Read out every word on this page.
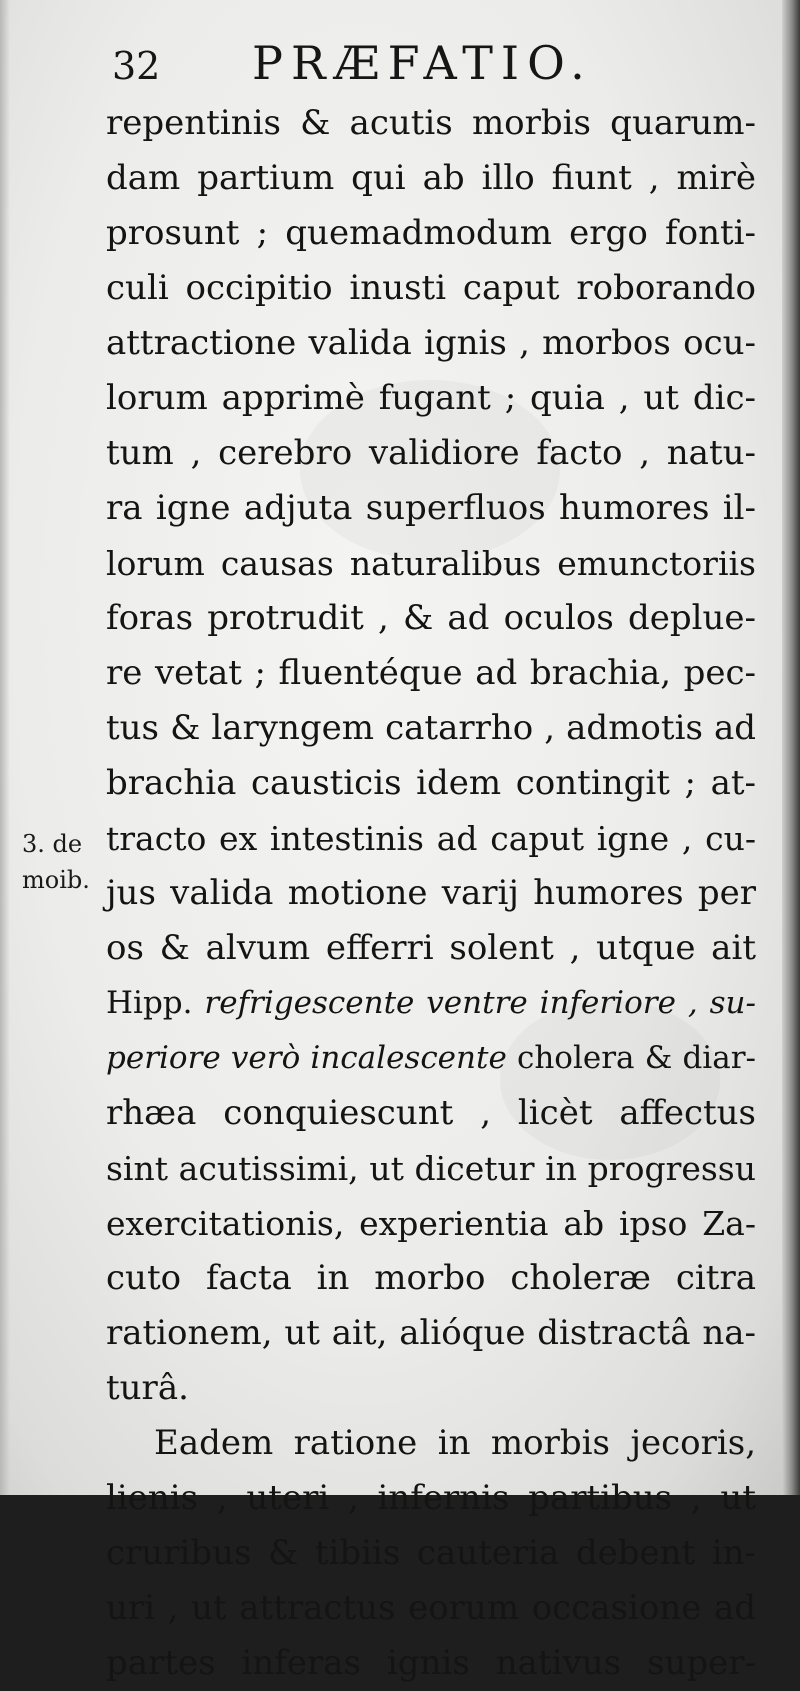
32 PRÆFATIO.
3. de
moib.
repentinis & acutis morbis quarum-
dam partium qui ab illo fiunt , mirè
prosunt ; quemadmodum ergo fonti-
culi occipitio inusti caput roborando
attractione valida ignis , morbos ocu-
lorum apprimè fugant ; quia , ut dic-
tum , cerebro validiore facto , natu-
ra igne adjuta superfluos humores il-
lorum causas naturalibus emunctoriis
foras protrudit , & ad oculos deplue-
re vetat ; fluentéque ad brachia, pec-
tus & laryngem catarrho , admotis ad
brachia causticis idem contingit ; at-
tracto ex intestinis ad caput igne , cu-
jus valida motione varij humores per
os & alvum efferri solent , utque ait
Hipp. refrigescente ventre inferiore , su-
periore verò incalescente cholera & diar-
rhæa conquiescunt , licèt affectus
sint acutissimi, ut dicetur in progressu
exercitationis, experientia ab ipso Za-
cuto facta in morbo choleræ citra
rationem, ut ait, alióque distractâ na-
turâ.
Eadem ratione in morbis jecoris,
lienis , uteri , infernis partibus , ut
cruribus & tibiis cauteria debent in-
uri , ut attractus eorum occasione ad
partes inferas ignis nativus super-
